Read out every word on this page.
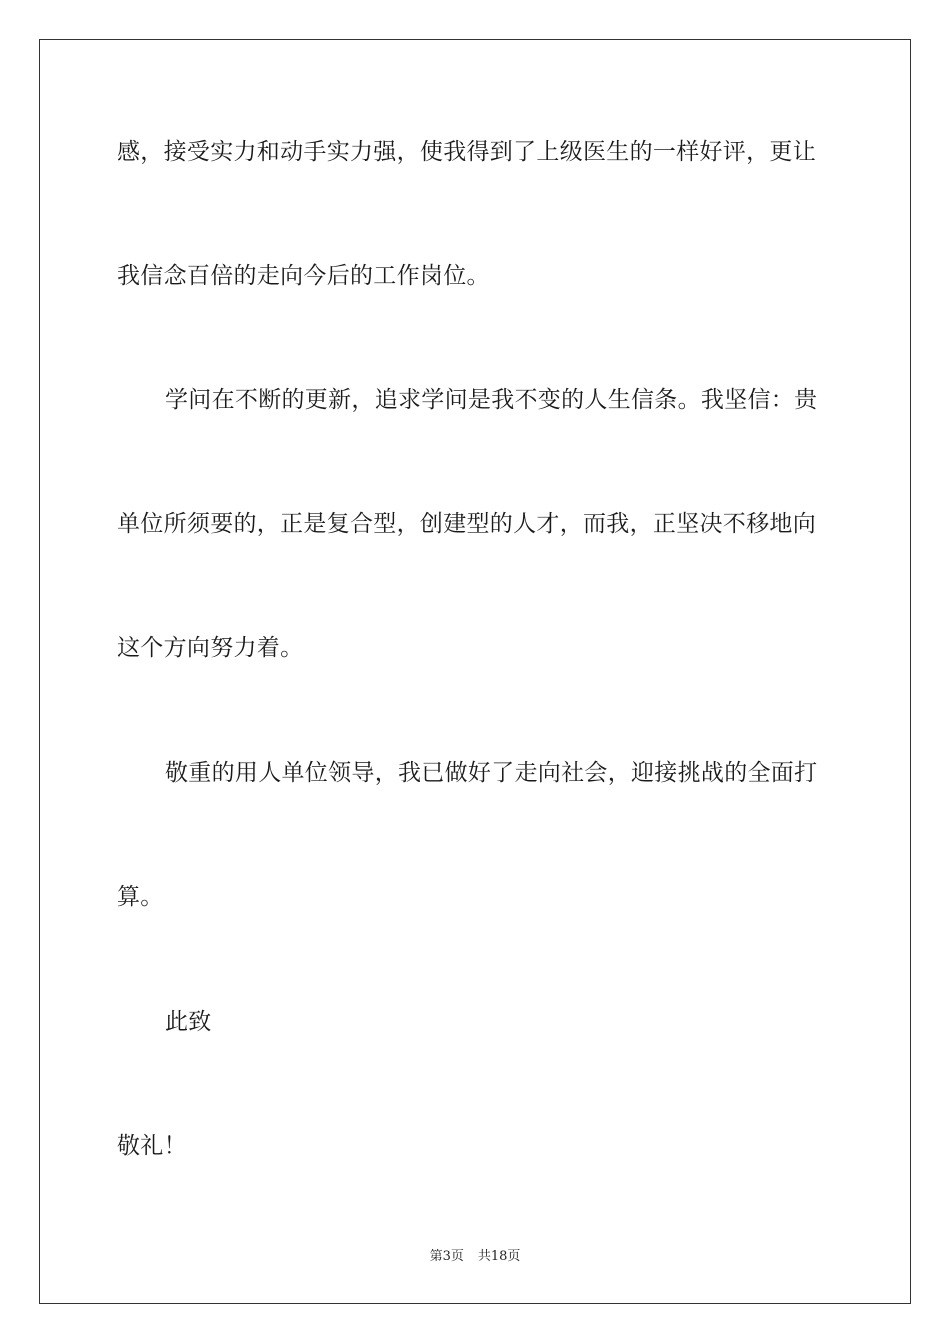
感，接受实力和动手实力强，使我得到了上级医生的一样好评，更让
我信念百倍的走向今后的工作岗位。
学问在不断的更新，追求学问是我不变的人生信条。我坚信：贵
单位所须要的，正是复合型，创建型的人才，而我，正坚决不移地向
这个方向努力着。
敬重的用人单位领导，我已做好了走向社会，迎接挑战的全面打
算。
此致
敬礼！
第3页 共18页
